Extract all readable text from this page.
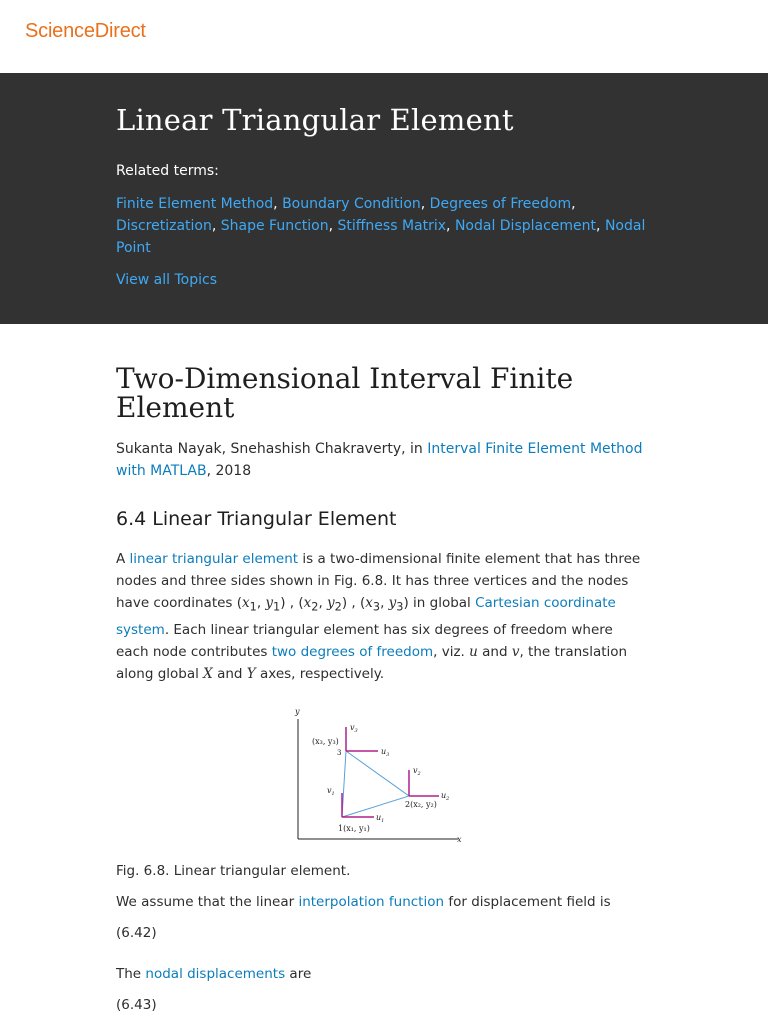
ScienceDirect
Linear Triangular Element
Related terms:
Finite Element Method, Boundary Condition, Degrees of Freedom, Discretization, Shape Function, Stiffness Matrix, Nodal Displacement, Nodal Point
View all Topics
Two-Dimensional Interval Finite Element
Sukanta Nayak, Snehashish Chakraverty, in Interval Finite Element Method with MATLAB, 2018
6.4 Linear Triangular Element
A linear triangular element is a two-dimensional finite element that has three nodes and three sides shown in Fig. 6.8. It has three vertices and the nodes have coordinates ($x_1$, $y_1$) , ($x_2$, $y_2$) , ($x_3$, $y_3$) in global Cartesian coordinate system. Each linear triangular element has six degrees of freedom where each node contributes two degrees of freedom, viz. u and v, the translation along global X and Y axes, respectively.
y
x
$v_3$
$u_3$
(x₃, y₃)
3
$v_2$
$u_2$
2(x₂, y₂)
$v_1$
$u_1$
1(x₁, y₁)
Fig. 6.8. Linear triangular element.
We assume that the linear interpolation function for displacement field is
(6.42)
The nodal displacements are
(6.43)
